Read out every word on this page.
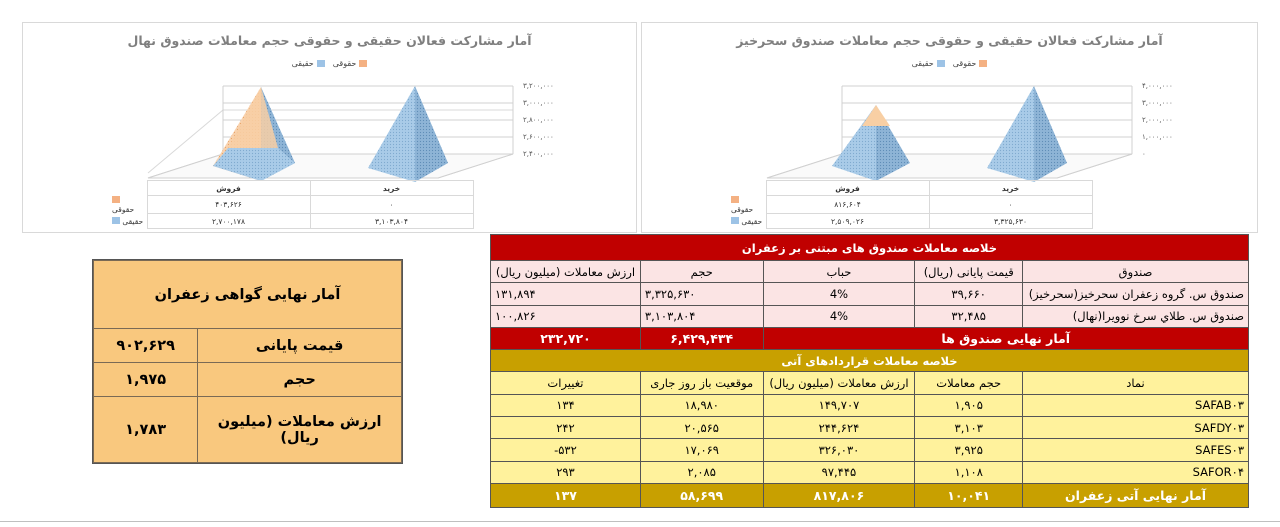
آمار مشارکت فعالان حقیقی و حقوقی حجم معاملات صندوق نهال
حقوقی
حقیقی
۳,۲۰۰,۰۰۰
۳,۰۰۰,۰۰۰
۲,۸۰۰,۰۰۰
۲,۶۰۰,۰۰۰
۲,۴۰۰,۰۰۰
	فروش	خرید
حقوقی	۴۰۳,۶۲۶	۰
حقیقی	۲,۷۰۰,۱۷۸	۳,۱۰۳,۸۰۴
آمار مشارکت فعالان حقیقی و حقوقی حجم معاملات صندوق سحرخیز
حقوقی
حقیقی
۴,۰۰۰,۰۰۰
۳,۰۰۰,۰۰۰
۲,۰۰۰,۰۰۰
۱,۰۰۰,۰۰۰
۰
	فروش	خرید
حقوقی	۸۱۶,۶۰۴	۰
حقیقی	۲,۵۰۹,۰۲۶	۳,۳۲۵,۶۳۰
آمار نهایی گواهی زعفران	
۹۰۲,۶۲۹	قیمت پایانی
۱,۹۷۵	حجم
۱,۷۸۳	ارزش معاملات (میلیون ریال)
خلاصه معاملات صندوق های مبتنی بر زعفران				
ارزش معاملات (میلیون ریال)	حجم	حباب	قیمت پایانی (ریال)	صندوق
۱۳۱,۸۹۴	۳,۳۲۵,۶۳۰	4%	۳۹,۶۶۰	صندوق س. گروه زعفران سحرخيز(سحرخيز)
۱۰۰,۸۲۶	۳,۱۰۳,۸۰۴	4%	۳۲,۴۸۵	صندوق س. طلاي سرخ نوويرا(نهال)
۲۳۲,۷۲۰	۶,۴۲۹,۴۳۴	آمار نهایی صندوق ها		
خلاصه معاملات قراردادهای آتی				
تغییرات	موقعیت باز روز جاری	ارزش معاملات (میلیون ریال)	حجم معاملات	نماد
۱۳۴	۱۸,۹۸۰	۱۴۹,۷۰۷	۱,۹۰۵	SAFAB۰۳
۲۴۲	۲۰,۵۶۵	۲۴۴,۶۲۴	۳,۱۰۳	SAFDY۰۳
-۵۳۲	۱۷,۰۶۹	۳۲۶,۰۳۰	۳,۹۲۵	SAFES۰۳
۲۹۳	۲,۰۸۵	۹۷,۴۴۵	۱,۱۰۸	SAFOR۰۴
۱۳۷	۵۸,۶۹۹	۸۱۷,۸۰۶	۱۰,۰۴۱	آمار نهایی آتی زعفران
